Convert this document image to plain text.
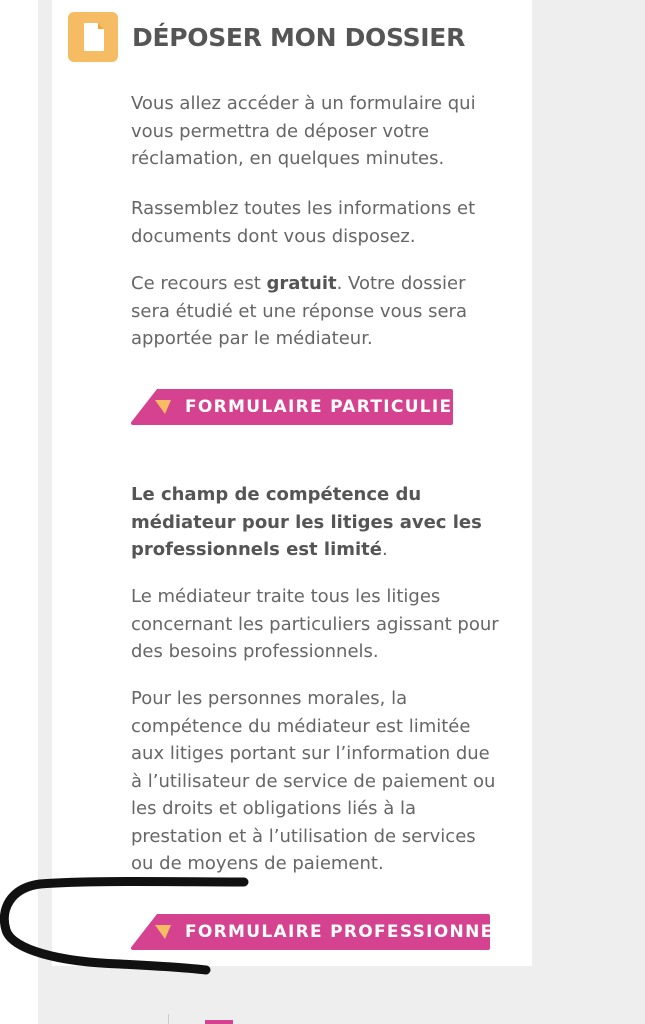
DÉPOSER MON DOSSIER

Vous allez accéder à un formulaire qui vous permettra de déposer votre réclamation, en quelques minutes.

Rassemblez toutes les informations et documents dont vous disposez.

Ce recours est gratuit. Votre dossier sera étudié et une réponse vous sera apportée par le médiateur.

FORMULAIRE PARTICULIER

Le champ de compétence du médiateur pour les litiges avec les professionnels est limité.

Le médiateur traite tous les litiges concernant les particuliers agissant pour des besoins professionnels.

Pour les personnes morales, la compétence du médiateur est limitée aux litiges portant sur l’information due à l’utilisateur de service de paiement ou les droits et obligations liés à la prestation et à l’utilisation de services ou de moyens de paiement.

FORMULAIRE PROFESSIONNEL
